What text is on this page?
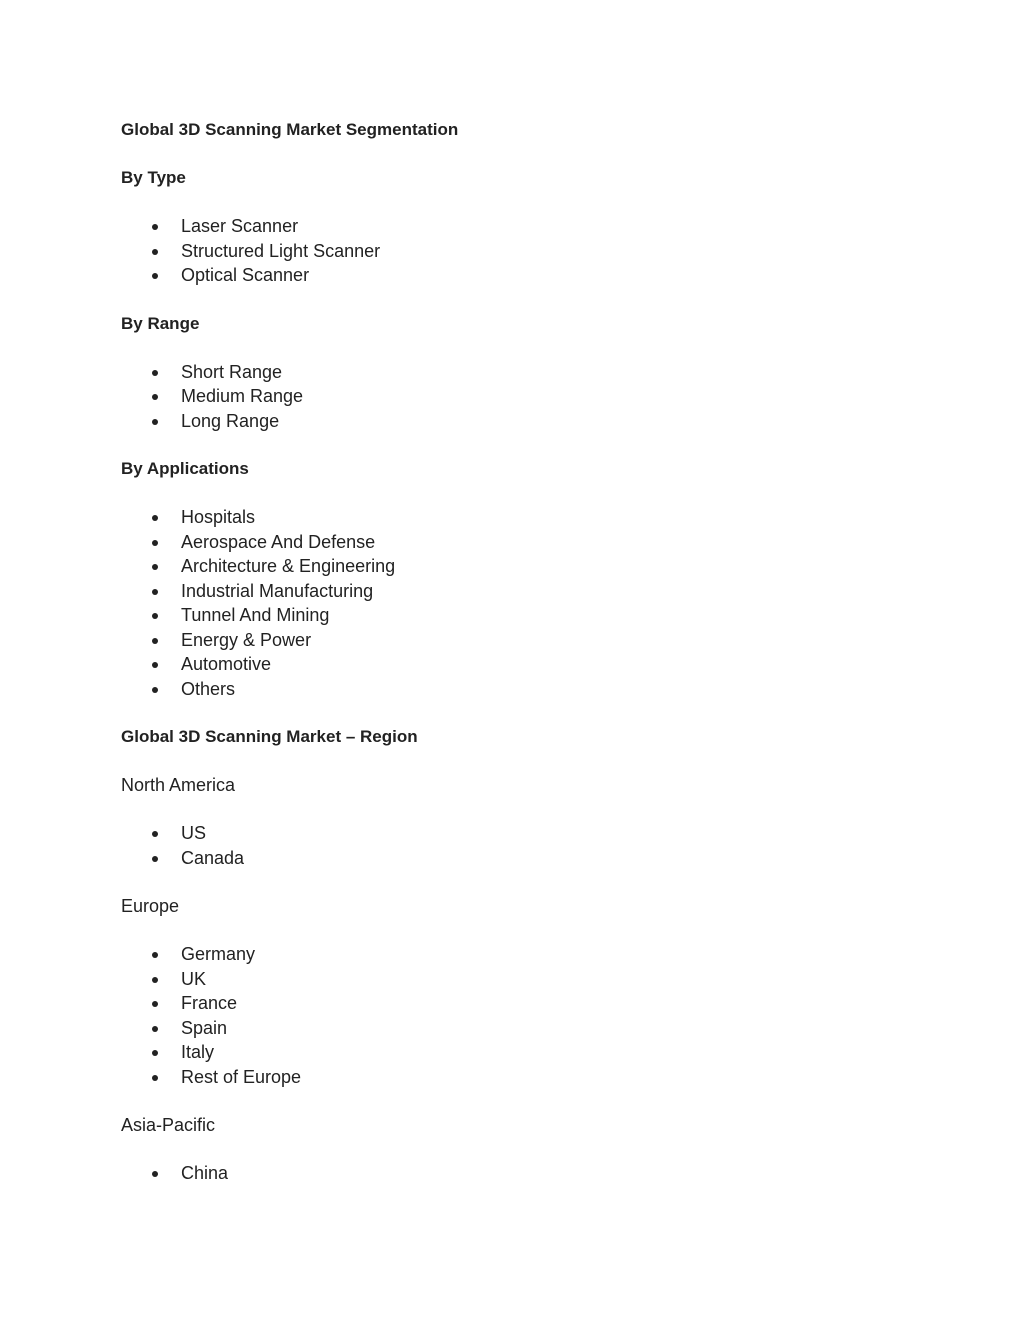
Global 3D Scanning Market Segmentation
By Type
Laser Scanner
Structured Light Scanner
Optical Scanner
By Range
Short Range
Medium Range
Long Range
By Applications
Hospitals
Aerospace And Defense
Architecture & Engineering
Industrial Manufacturing
Tunnel And Mining
Energy & Power
Automotive
Others
Global 3D Scanning Market – Region
North America
US
Canada
Europe
Germany
UK
France
Spain
Italy
Rest of Europe
Asia-Pacific
China
